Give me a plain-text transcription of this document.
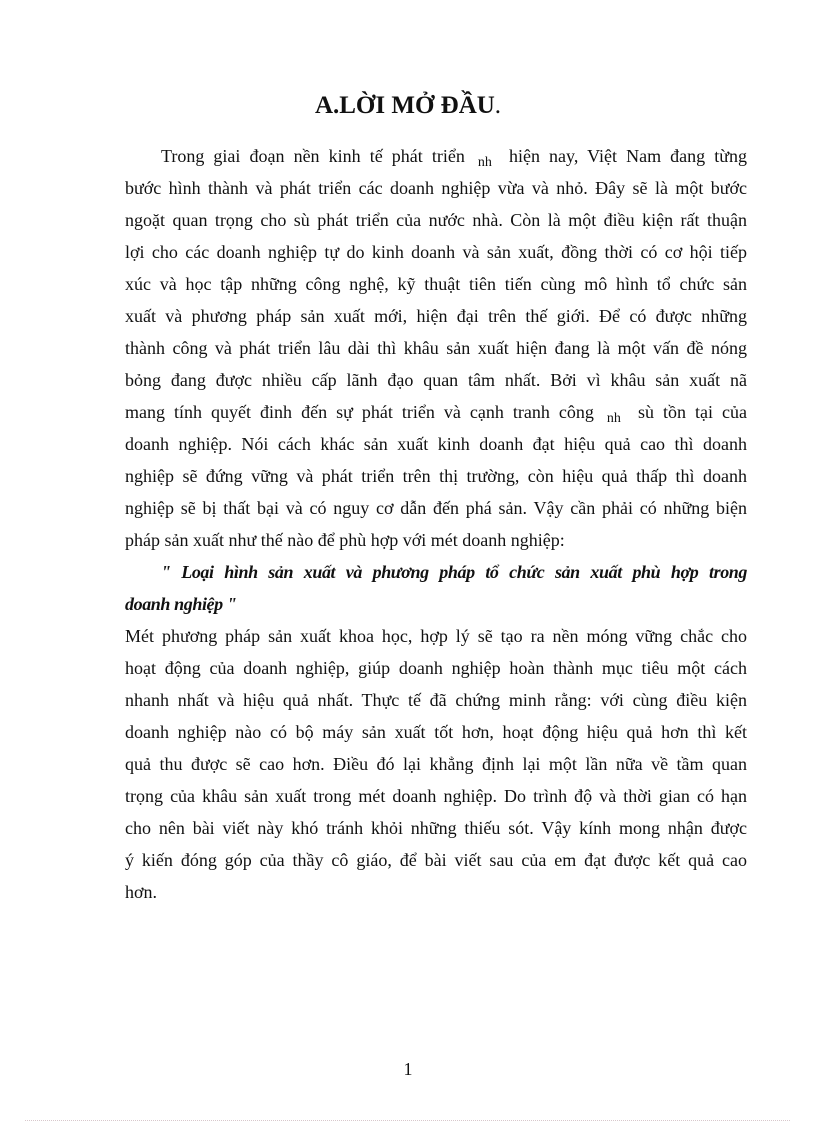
A.LỜI MỞ ĐẦU.
Trong giai đoạn nền kinh tế phát triển $_{nh}$ hiện nay, Việt Nam đang từng
bước hình thành và phát triển các doanh nghiệp vừa và nhỏ. Đây sẽ là một bước
ngoặt quan trọng cho sù phát triển của nước nhà. Còn là một điều kiện rất thuận
lợi cho các doanh nghiệp tự do kinh doanh và sản xuất, đồng thời có cơ hội tiếp
xúc và học tập những công nghệ, kỹ thuật tiên tiến cùng mô hình tổ chức sản
xuất và phương pháp sản xuất mới, hiện đại trên thế giới. Để có được những
thành công và phát triển lâu dài thì khâu sản xuất hiện đang là một vấn đề nóng
bỏng đang được nhiều cấp lãnh đạo quan tâm nhất. Bởi vì khâu sản xuất nã
mang tính quyết đinh đến sự phát triển và cạnh tranh công $_{nh}$ sù tồn tại của
doanh nghiệp. Nói cách khác sản xuất kinh doanh đạt hiệu quả cao thì doanh
nghiệp sẽ đứng vững và phát triển trên thị trường, còn hiệu quả thấp thì doanh
nghiệp sẽ bị thất bại và có nguy cơ dẫn đến phá sản. Vậy cần phải có những biện
pháp sản xuất như thế nào để phù hợp với mét doanh nghiệp:
" Loại hình sản xuất và phương pháp tổ chức sản xuất phù hợp trong
doanh nghiệp "
Mét phương pháp sản xuất khoa học, hợp lý sẽ tạo ra nền móng vững chắc cho
hoạt động của doanh nghiệp, giúp doanh nghiệp hoàn thành mục tiêu một cách
nhanh nhất và hiệu quả nhất. Thực tế đã chứng minh rằng: với cùng điều kiện
doanh nghiệp nào có bộ máy sản xuất tốt hơn, hoạt động hiệu quả hơn thì kết
quả thu được sẽ cao hơn. Điều đó lại khẳng định lại một lần nữa về tầm quan
trọng của khâu sản xuất trong mét doanh nghiệp. Do trình độ và thời gian có hạn
cho nên bài viết này khó tránh khỏi những thiếu sót. Vậy kính mong nhận được
ý kiến đóng góp của thầy cô giáo, để bài viết sau của em đạt được kết quả cao
hơn.
1
